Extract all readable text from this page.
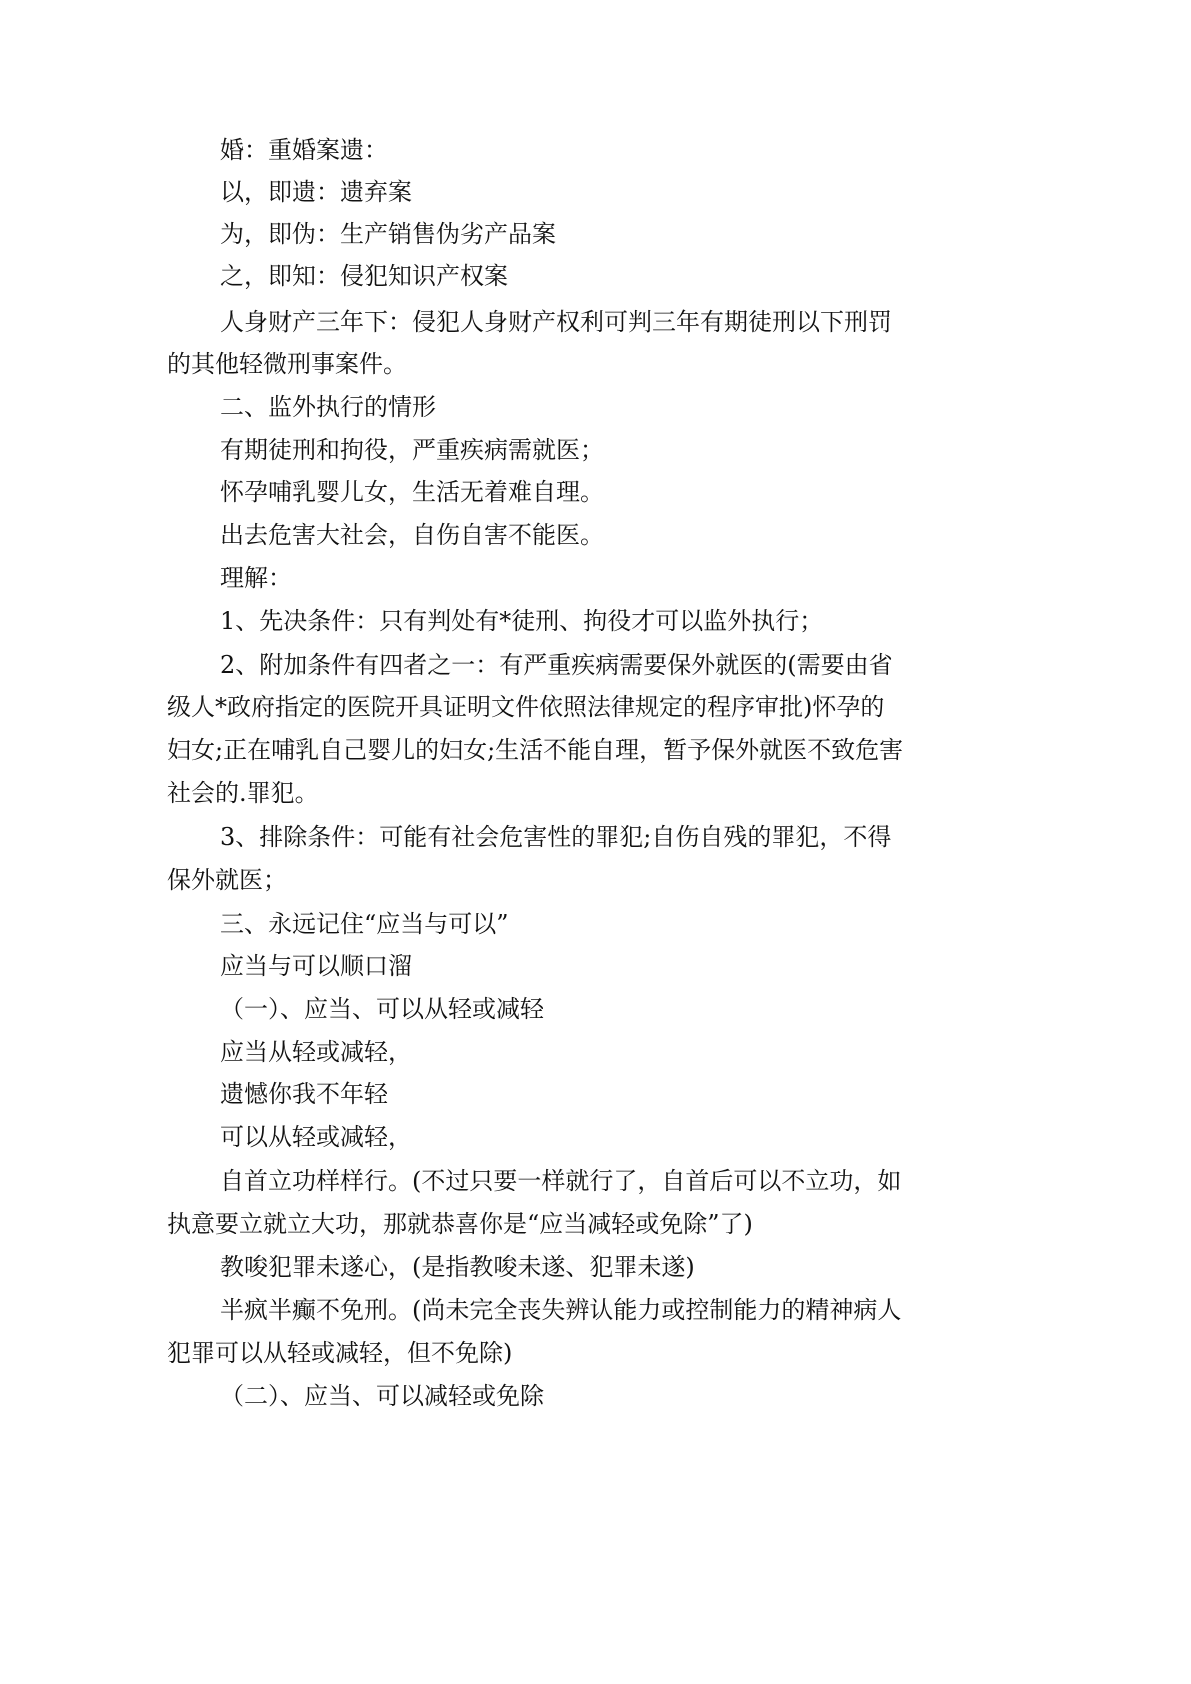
婚：重婚案遗：
以，即遗：遗弃案
为，即伪：生产销售伪劣产品案
之，即知：侵犯知识产权案
人身财产三年下：侵犯人身财产权利可判三年有期徒刑以下刑罚
的其他轻微刑事案件。
二、监外执行的情形
有期徒刑和拘役，严重疾病需就医；
怀孕哺乳婴儿女，生活无着难自理。
出去危害大社会，自伤自害不能医。
理解：
1、先决条件：只有判处有*徒刑、拘役才可以监外执行；
2、附加条件有四者之一：有严重疾病需要保外就医的(需要由省
级人*政府指定的医院开具证明文件依照法律规定的程序审批)怀孕的
妇女;正在哺乳自己婴儿的妇女;生活不能自理，暂予保外就医不致危害
社会的.罪犯。
3、排除条件：可能有社会危害性的罪犯;自伤自残的罪犯，不得
保外就医；
三、永远记住“应当与可以”
应当与可以顺口溜
（一）、应当、可以从轻或减轻
应当从轻或减轻，
遗憾你我不年轻
可以从轻或减轻，
自首立功样样行。(不过只要一样就行了，自首后可以不立功，如
执意要立就立大功，那就恭喜你是“应当减轻或免除”了)
教唆犯罪未遂心，(是指教唆未遂、犯罪未遂)
半疯半癫不免刑。(尚未完全丧失辨认能力或控制能力的精神病人
犯罪可以从轻或减轻，但不免除)
（二）、应当、可以减轻或免除
